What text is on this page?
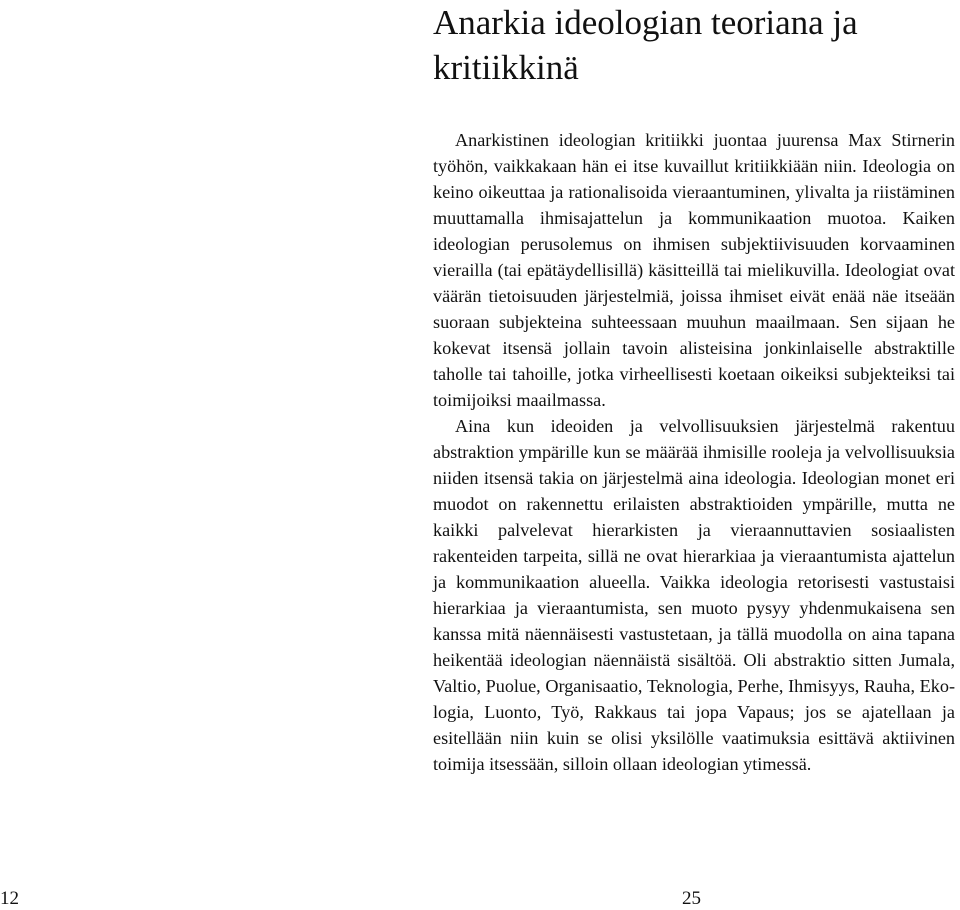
Anarkia ideologian teoriana ja kritiikkinä

Anarkistinen ideologian kritiikki juontaa juurensa Max Stirnerin työhön, vaikkakaan hän ei itse kuvaillut kritiikkiään niin. Ideologia on keino oikeuttaa ja rationalisoida vieraantuminen, ylivalta ja riistäminen muuttamalla ihmisajattelun ja kommunikaation muotoa. Kaiken ideologian perusolemus on ihmisen subjektiivisuuden korvaaminen vierailla (tai epätäydellisillä) käsitteillä tai mielikuvilla. Ideologiat ovat väärän tietoisuuden järjestelmiä, joissa ihmiset eivät enää näe itseään suoraan subjekteina suhteessaan muuhun maailmaan. Sen sijaan he kokevat itsensä jollain tavoin alisteisina jonkinlaiselle abstraktille taholle tai tahoille, jotka virheellisesti koetaan oikeiksi subjekteiksi tai toimijoiksi maailmassa.

Aina kun ideoiden ja velvollisuuksien järjestelmä rakentuu abstraktion ympärille kun se määrää ihmisille rooleja ja velvollisuuksia niiden itsensä takia on järjestelmä aina ideologia. Ideologian monet eri muodot on rakennettu erilaisten abstraktioiden ympärille, mutta ne kaikki palvelevat hierarkisten ja vieraannuttavien sosiaalisten rakenteiden tarpeita, sillä ne ovat hierarkiaa ja vieraantumista ajattelun ja kommunikaation alueella. Vaikka ideologia retorisesti vastustaisi hierarkiaa ja vieraantumista, sen muoto pysyy yhdenmukaisena sen kanssa mitä näennäisesti vastustetaan, ja tällä muodolla on aina tapana heikentää ideologian näennäistä sisältöä. Oli abstraktio sitten Jumala, Valtio, Puolue, Organisaatio, Teknologia, Perhe, Ihmisyys, Rauha, Ekologia, Luonto, Työ, Rakkaus tai jopa Vapaus; jos se ajatellaan ja esitellään niin kuin se olisi yksilölle vaatimuksia esittävä aktiivinen toimija itsessään, silloin ollaan ideologian ytimessä.

12	25
